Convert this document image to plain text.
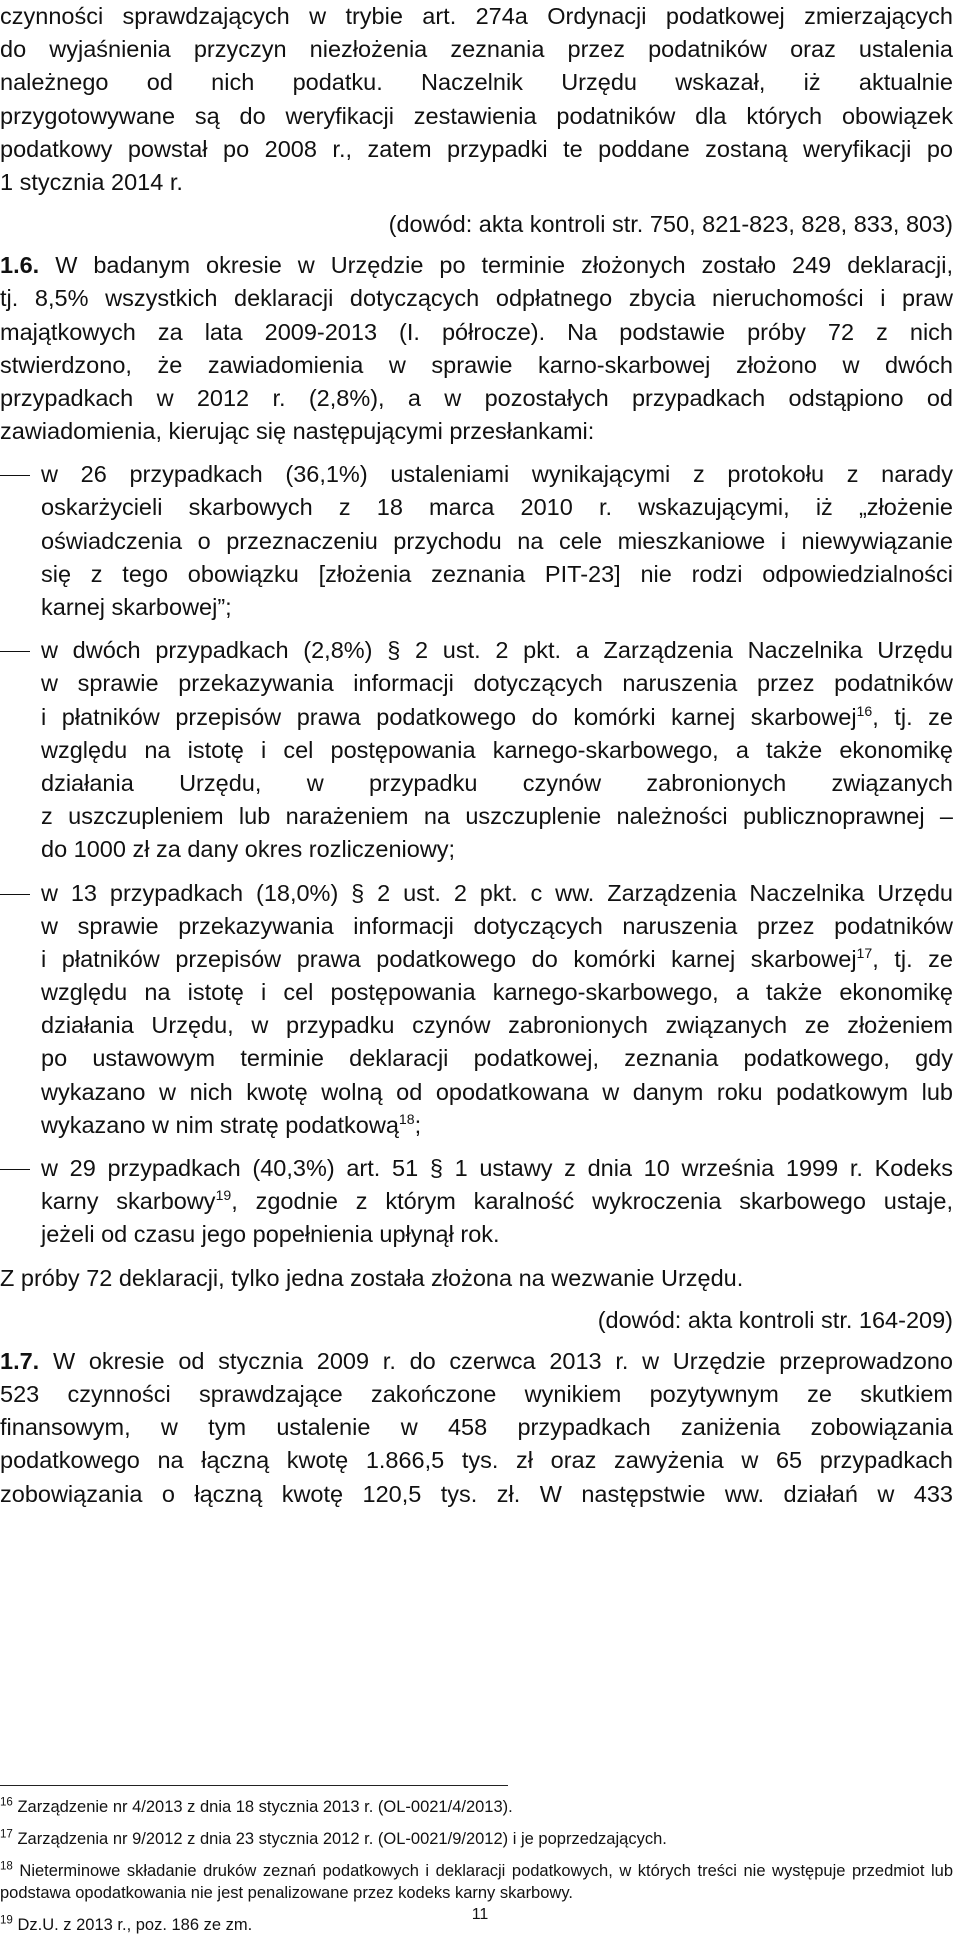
czynności sprawdzających w trybie art. 274a Ordynacji podatkowej zmierzających
do wyjaśnienia przyczyn niezłożenia zeznania przez podatników oraz ustalenia
należnego od nich podatku. Naczelnik Urzędu wskazał, iż aktualnie
przygotowywane są do weryfikacji zestawienia podatników dla których obowiązek
podatkowy powstał po 2008 r., zatem przypadki te poddane zostaną weryfikacji po
1 stycznia 2014 r.

(dowód: akta kontroli str. 750, 821-823, 828, 833, 803)

1.6. W badanym okresie w Urzędzie po terminie złożonych zostało 249 deklaracji,
tj. 8,5% wszystkich deklaracji dotyczących odpłatnego zbycia nieruchomości i praw
majątkowych za lata 2009-2013 (I. półrocze). Na podstawie próby 72 z nich
stwierdzono, że zawiadomienia w sprawie karno-skarbowej złożono w dwóch
przypadkach w 2012 r. (2,8%), a w pozostałych przypadkach odstąpiono od
zawiadomienia, kierując się następującymi przesłankami:

w 26 przypadkach (36,1%) ustaleniami wynikającymi z protokołu z narady
oskarżycieli skarbowych z 18 marca 2010 r. wskazującymi, iż „złożenie
oświadczenia o przeznaczeniu przychodu na cele mieszkaniowe i niewywiązanie
się z tego obowiązku [złożenia zeznania PIT-23] nie rodzi odpowiedzialności
karnej skarbowej”;
w dwóch przypadkach (2,8%) § 2 ust. 2 pkt. a Zarządzenia Naczelnika Urzędu
w sprawie przekazywania informacji dotyczących naruszenia przez podatników
i płatników przepisów prawa podatkowego do komórki karnej skarbowej$^{16}$, tj. ze
względu na istotę i cel postępowania karnego-skarbowego, a także ekonomikę
działania Urzędu, w przypadku czynów zabronionych związanych
z uszczupleniem lub narażeniem na uszczuplenie należności publicznoprawnej –
do 1000 zł za dany okres rozliczeniowy;
w 13 przypadkach (18,0%) § 2 ust. 2 pkt. c ww. Zarządzenia Naczelnika Urzędu
w sprawie przekazywania informacji dotyczących naruszenia przez podatników
i płatników przepisów prawa podatkowego do komórki karnej skarbowej$^{17}$, tj. ze
względu na istotę i cel postępowania karnego-skarbowego, a także ekonomikę
działania Urzędu, w przypadku czynów zabronionych związanych ze złożeniem
po ustawowym terminie deklaracji podatkowej, zeznania podatkowego, gdy
wykazano w nich kwotę wolną od opodatkowana w danym roku podatkowym lub
wykazano w nim stratę podatkową$^{18}$;
w 29 przypadkach (40,3%) art. 51 § 1 ustawy z dnia 10 września 1999 r. Kodeks
karny skarbowy$^{19}$, zgodnie z którym karalność wykroczenia skarbowego ustaje,
jeżeli od czasu jego popełnienia upłynął rok.

Z próby 72 deklaracji, tylko jedna została złożona na wezwanie Urzędu.

(dowód: akta kontroli str. 164-209)

1.7. W okresie od stycznia 2009 r. do czerwca 2013 r. w Urzędzie przeprowadzono
523 czynności sprawdzające zakończone wynikiem pozytywnym ze skutkiem
finansowym, w tym ustalenie w 458 przypadkach zaniżenia zobowiązania
podatkowego na łączną kwotę 1.866,5 tys. zł oraz zawyżenia w 65 przypadkach
zobowiązania o łączną kwotę 120,5 tys. zł. W następstwie ww. działań w 433

$^{16}$ Zarządzenie nr 4/2013 z dnia 18 stycznia 2013 r. (OL-0021/4/2013).

$^{17}$ Zarządzenia nr 9/2012 z dnia 23 stycznia 2012 r. (OL-0021/9/2012) i je poprzedzających.

$^{18}$ Nieterminowe składanie druków zeznań podatkowych i deklaracji podatkowych, w których treści nie występuje przedmiot lub
podstawa opodatkowania nie jest penalizowane przez kodeks karny skarbowy.

$^{19}$ Dz.U. z 2013 r., poz. 186 ze zm.

11
